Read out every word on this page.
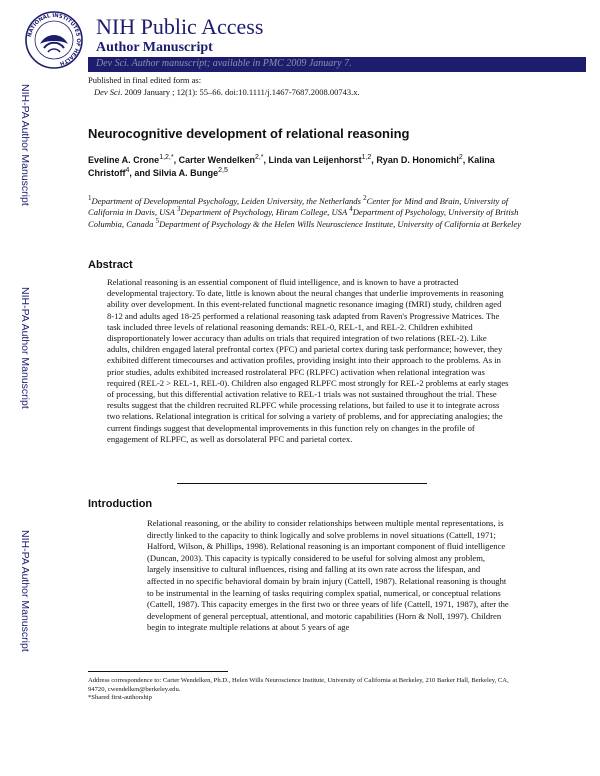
NATIONAL INSTITUTES OF HEALTH
NIH Public Access
Author Manuscript
Dev Sci. Author manuscript; available in PMC 2009 January 7.
Published in final edited form as:
Dev Sci. 2009 January ; 12(1): 55–66. doi:10.1111/j.1467-7687.2008.00743.x.
NIH-PA Author Manuscript
NIH-PA Author Manuscript
NIH-PA Author Manuscript
Neurocognitive development of relational reasoning
Eveline A. Crone$^{1,2,*}$, Carter Wendelken$^{2,*}$, Linda van Leijenhorst$^{1,2}$, Ryan D. Honomichl$^2$, Kalina Christoff$^4$, and Silvia A. Bunge$^{2,5}$
$^1$Department of Developmental Psychology, Leiden University, the Netherlands $^2$Center for Mind and Brain, University of California in Davis, USA $^3$Department of Psychology, Hiram College, USA $^4$Department of Psychology, University of British Columbia, Canada $^5$Department of Psychology & the Helen Wills Neuroscience Institute, University of California at Berkeley
Abstract
Relational reasoning is an essential component of fluid intelligence, and is known to have a protracted developmental trajectory. To date, little is known about the neural changes that underlie improvements in reasoning ability over development. In this event-related functional magnetic resonance imaging (fMRI) study, children aged 8-12 and adults aged 18-25 performed a relational reasoning task adapted from Raven's Progressive Matrices. The task included three levels of relational reasoning demands: REL-0, REL-1, and REL-2. Children exhibited disproportionately lower accuracy than adults on trials that required integration of two relations (REL-2). Like adults, children engaged lateral prefrontal cortex (PFC) and parietal cortex during task performance; however, they exhibited different timecourses and activation profiles, providing insight into their approach to the problems. As in prior studies, adults exhibited increased rostrolateral PFC (RLPFC) activation when relational integration was required (REL-2 > REL-1, REL-0). Children also engaged RLPFC most strongly for REL-2 problems at early stages of processing, but this differential activation relative to REL-1 trials was not sustained throughout the trial. These results suggest that the children recruited RLPFC while processing relations, but failed to use it to integrate across two relations. Relational integration is critical for solving a variety of problems, and for appreciating analogies; the current findings suggest that developmental improvements in this function rely on changes in the profile of engagement of RLPFC, as well as dorsolateral PFC and parietal cortex.
Introduction
Relational reasoning, or the ability to consider relationships between multiple mental representations, is directly linked to the capacity to think logically and solve problems in novel situations (Cattell, 1971; Halford, Wilson, & Phillips, 1998). Relational reasoning is an important component of fluid intelligence (Duncan, 2003). This capacity is typically considered to be useful for solving almost any problem, largely insensitive to cultural influences, rising and falling at its own rate across the lifespan, and affected in no specific behavioral domain by brain injury (Cattell, 1987). Relational reasoning is thought to be instrumental in the learning of tasks requiring complex spatial, numerical, or conceptual relations (Cattell, 1987). This capacity emerges in the first two or three years of life (Cattell, 1971, 1987), after the development of general perceptual, attentional, and motoric capabilities (Horn & Noll, 1997). Children begin to integrate multiple relations at about 5 years of age
Address correspondence to: Carter Wendelken, Ph.D., Helen Wills Neuroscience Institute, University of California at Berkeley, 210 Barker Hall, Berkeley, CA, 94720, cwendelken@berkeley.edu.
*Shared first-authorship
